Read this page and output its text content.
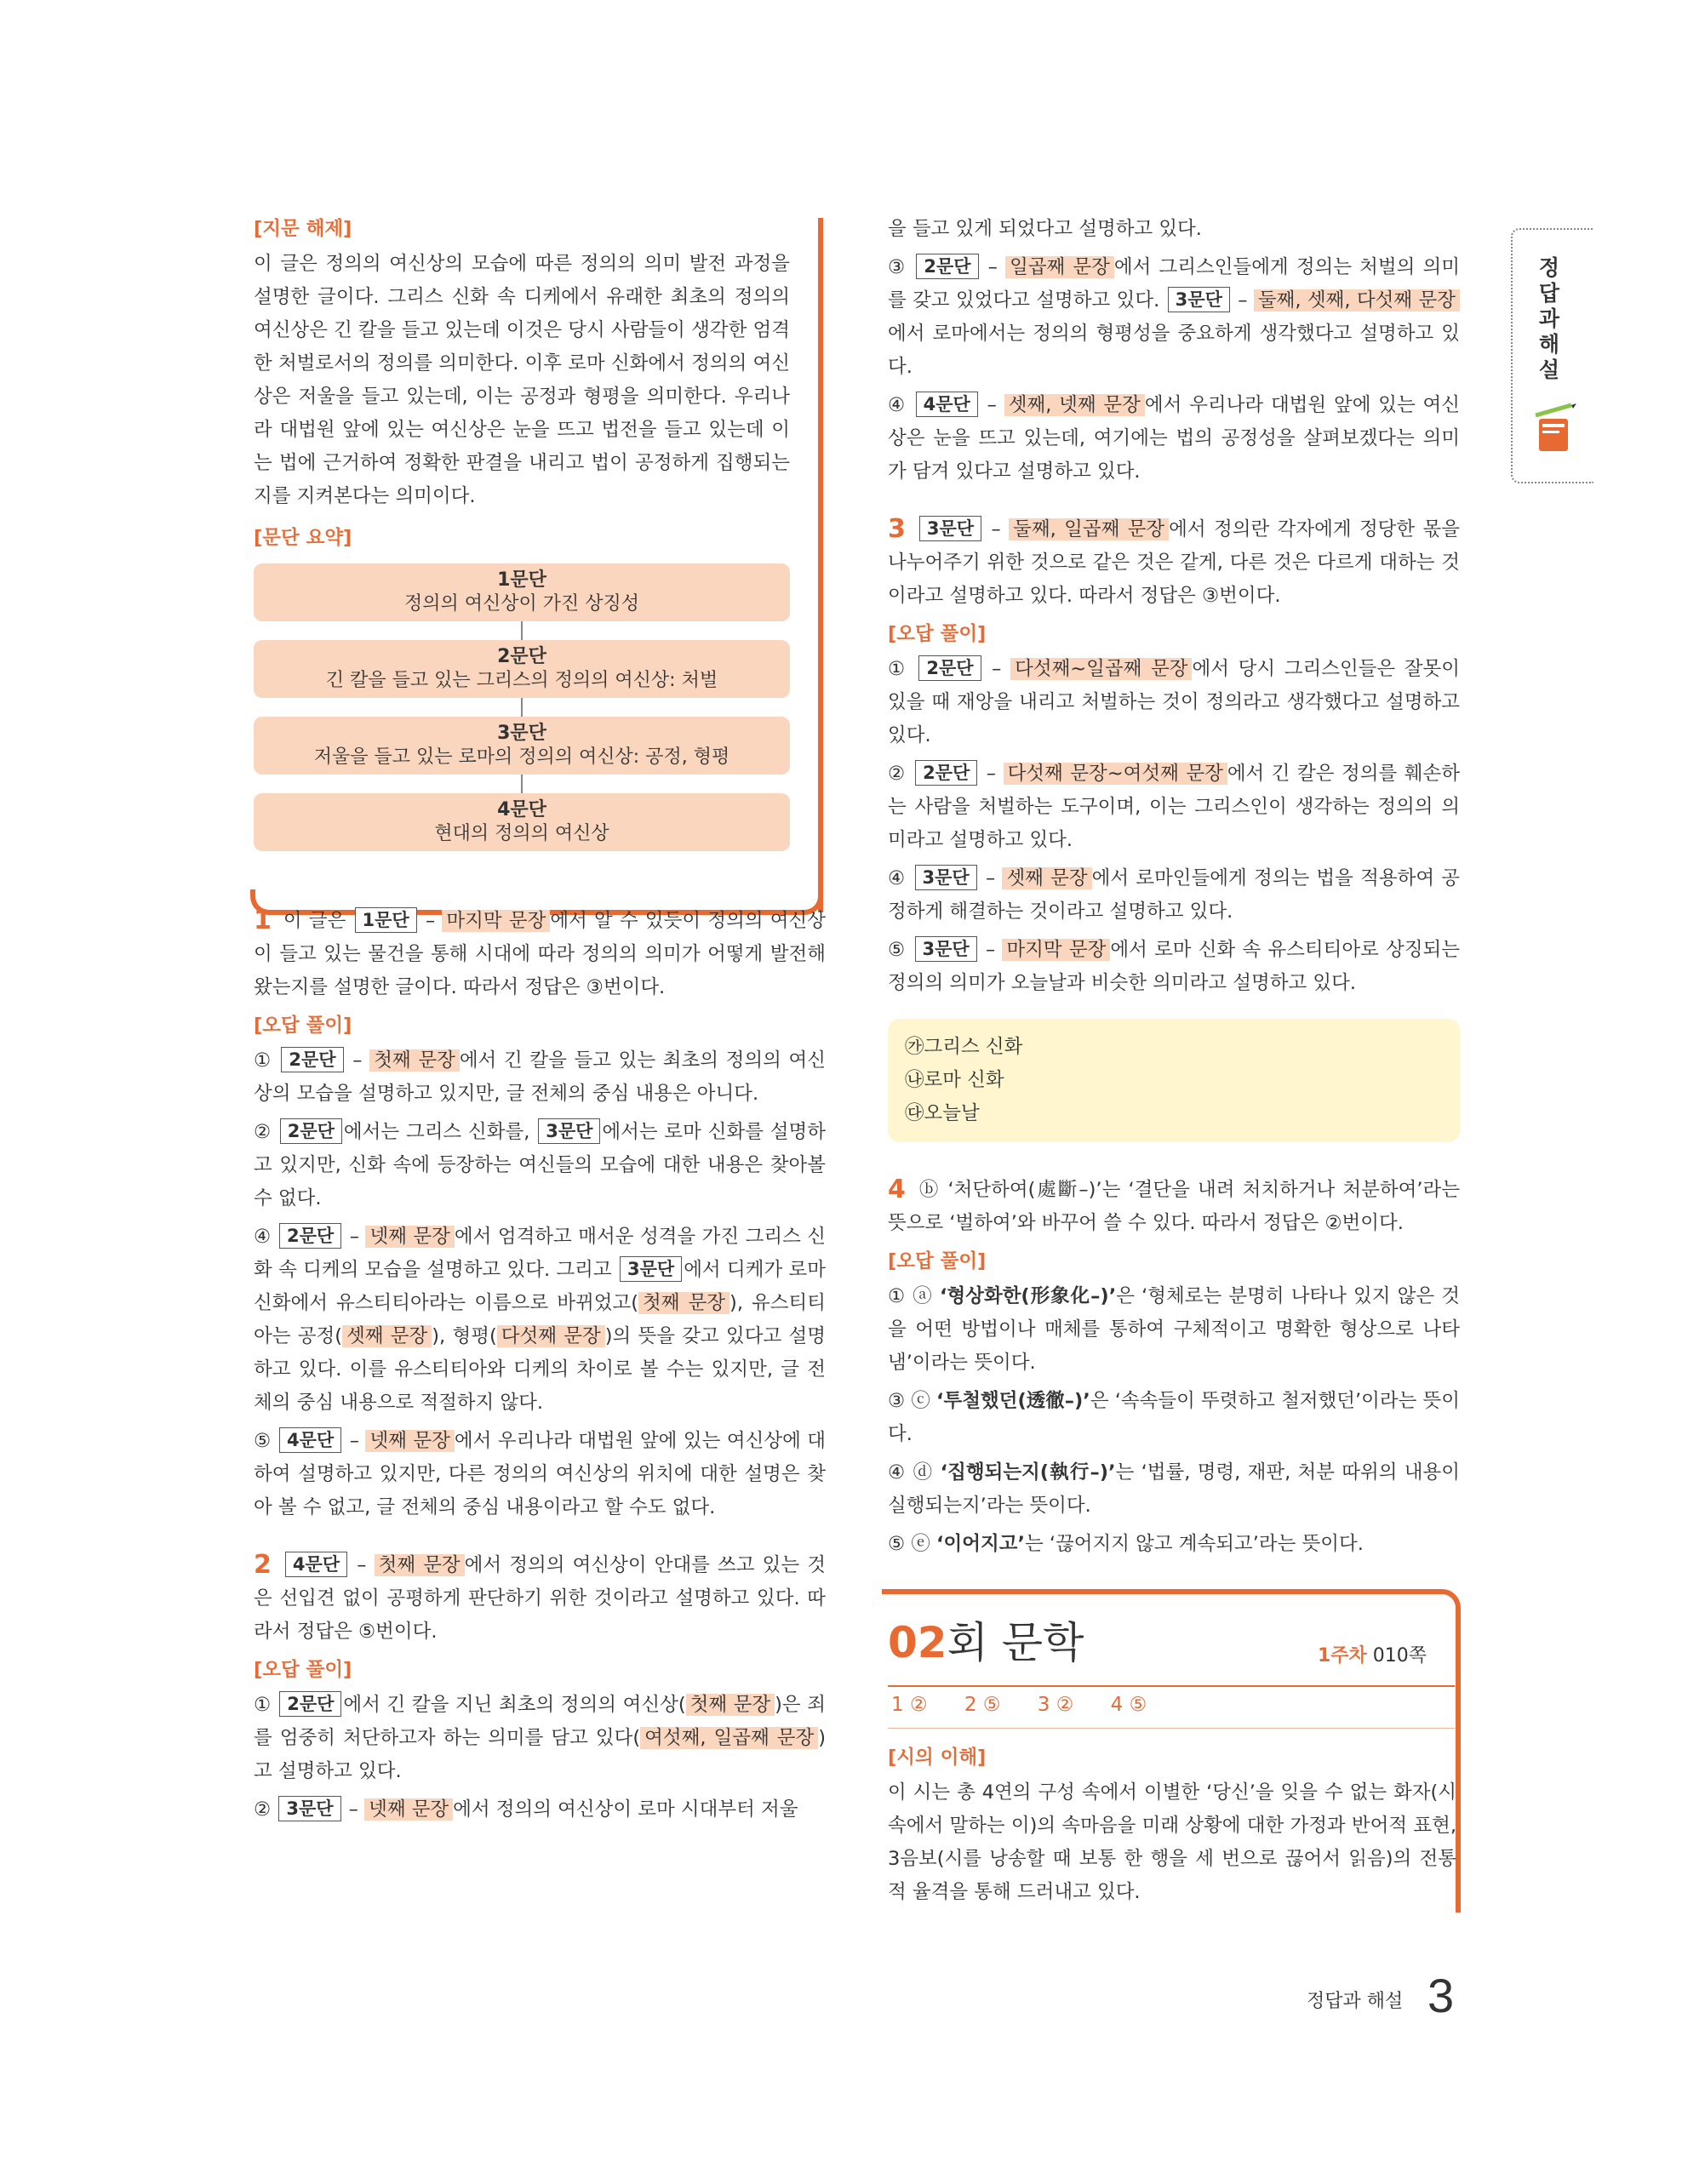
정답과해설
[지문 해제]
이 글은 정의의 여신상의 모습에 따른 정의의 의미 발전 과정을 설명한 글이다. 그리스 신화 속 디케에서 유래한 최초의 정의의 여신상은 긴 칼을 들고 있는데 이것은 당시 사람들이 생각한 엄격한 처벌로서의 정의를 의미한다. 이후 로마 신화에서 정의의 여신상은 저울을 들고 있는데, 이는 공정과 형평을 의미한다. 우리나라 대법원 앞에 있는 여신상은 눈을 뜨고 법전을 들고 있는데 이는 법에 근거하여 정확한 판결을 내리고 법이 공정하게 집행되는지를 지켜본다는 의미이다.
[문단 요약]
1문단
정의의 여신상이 가진 상징성
2문단
긴 칼을 들고 있는 그리스의 정의의 여신상: 처벌
3문단
저울을 들고 있는 로마의 정의의 여신상: 공정, 형평
4문단
현대의 정의의 여신상

1 이 글은 1문단 – 마지막 문장 에서 알 수 있듯이 정의의 여신상이 들고 있는 물건을 통해 시대에 따라 정의의 의미가 어떻게 발전해 왔는지를 설명한 글이다. 따라서 정답은 ③번이다.

[오답 풀이]

① 2문단 – 첫째 문장 에서 긴 칼을 들고 있는 최초의 정의의 여신상의 모습을 설명하고 있지만, 글 전체의 중심 내용은 아니다.

② 2문단 에서는 그리스 신화를, 3문단 에서는 로마 신화를 설명하고 있지만, 신화 속에 등장하는 여신들의 모습에 대한 내용은 찾아볼 수 없다.

④ 2문단 – 넷째 문장 에서 엄격하고 매서운 성격을 가진 그리스 신화 속 디케의 모습을 설명하고 있다. 그리고 3문단 에서 디케가 로마 신화에서 유스티티아라는 이름으로 바뀌었고( 첫째 문장 ), 유스티티아는 공정( 셋째 문장 ), 형평( 다섯째 문장 )의 뜻을 갖고 있다고 설명하고 있다. 이를 유스티티아와 디케의 차이로 볼 수는 있지만, 글 전체의 중심 내용으로 적절하지 않다.

⑤ 4문단 – 넷째 문장 에서 우리나라 대법원 앞에 있는 여신상에 대하여 설명하고 있지만, 다른 정의의 여신상의 위치에 대한 설명은 찾아 볼 수 없고, 글 전체의 중심 내용이라고 할 수도 없다.

2 4문단 – 첫째 문장 에서 정의의 여신상이 안대를 쓰고 있는 것은 선입견 없이 공평하게 판단하기 위한 것이라고 설명하고 있다. 따라서 정답은 ⑤번이다.

[오답 풀이]

① 2문단 에서 긴 칼을 지닌 최초의 정의의 여신상( 첫째 문장 )은 죄를 엄중히 처단하고자 하는 의미를 담고 있다( 여섯째, 일곱째 문장 )고 설명하고 있다.

② 3문단 – 넷째 문장 에서 정의의 여신상이 로마 시대부터 저울

을 들고 있게 되었다고 설명하고 있다.

③ 2문단 – 일곱째 문장 에서 그리스인들에게 정의는 처벌의 의미를 갖고 있었다고 설명하고 있다. 3문단 – 둘째, 셋째, 다섯째 문장에서 로마에서는 정의의 형평성을 중요하게 생각했다고 설명하고 있다.

④ 4문단 – 셋째, 넷째 문장 에서 우리나라 대법원 앞에 있는 여신상은 눈을 뜨고 있는데, 여기에는 법의 공정성을 살펴보겠다는 의미가 담겨 있다고 설명하고 있다.

3 3문단 – 둘째, 일곱째 문장 에서 정의란 각자에게 정당한 몫을 나누어주기 위한 것으로 같은 것은 같게, 다른 것은 다르게 대하는 것이라고 설명하고 있다. 따라서 정답은 ③번이다.

[오답 풀이]

① 2문단 – 다섯째~일곱째 문장 에서 당시 그리스인들은 잘못이 있을 때 재앙을 내리고 처벌하는 것이 정의라고 생각했다고 설명하고 있다.

② 2문단 – 다섯째 문장~여섯째 문장 에서 긴 칼은 정의를 훼손하는 사람을 처벌하는 도구이며, 이는 그리스인이 생각하는 정의의 의미라고 설명하고 있다.

④ 3문단 – 셋째 문장 에서 로마인들에게 정의는 법을 적용하여 공정하게 해결하는 것이라고 설명하고 있다.

⑤ 3문단 – 마지막 문장 에서 로마 신화 속 유스티티아로 상징되는 정의의 의미가 오늘날과 비슷한 의미라고 설명하고 있다.

㉮그리스 신화
㉯로마 신화
㉰오늘날

4 ⓑ ‘처단하여(處斷–)’는 ‘결단을 내려 처치하거나 처분하여’라는 뜻으로 ‘벌하여’와 바꾸어 쓸 수 있다. 따라서 정답은 ②번이다.

[오답 풀이]

① ⓐ ‘형상화한(形象化–)’은 ‘형체로는 분명히 나타나 있지 않은 것을 어떤 방법이나 매체를 통하여 구체적이고 명확한 형상으로 나타냄’이라는 뜻이다.

③ ⓒ ‘투철했던(透徹–)’은 ‘속속들이 뚜렷하고 철저했던’이라는 뜻이다.

④ ⓓ ‘집행되는지(執行–)’는 ‘법률, 명령, 재판, 처분 따위의 내용이 실행되는지’라는 뜻이다.

⑤ ⓔ ‘이어지고’는 ‘끊어지지 않고 계속되고’라는 뜻이다.

02회 문학	1주차 010쪽
1 ② 2 ⑤ 3 ② 4 ⑤
[시의 이해]
이 시는 총 4연의 구성 속에서 이별한 ‘당신’을 잊을 수 없는 화자(시 속에서 말하는 이)의 속마음을 미래 상황에 대한 가정과 반어적 표현, 3음보(시를 낭송할 때 보통 한 행을 세 번으로 끊어서 읽음)의 전통적 율격을 통해 드러내고 있다.
정답과 해설 3
